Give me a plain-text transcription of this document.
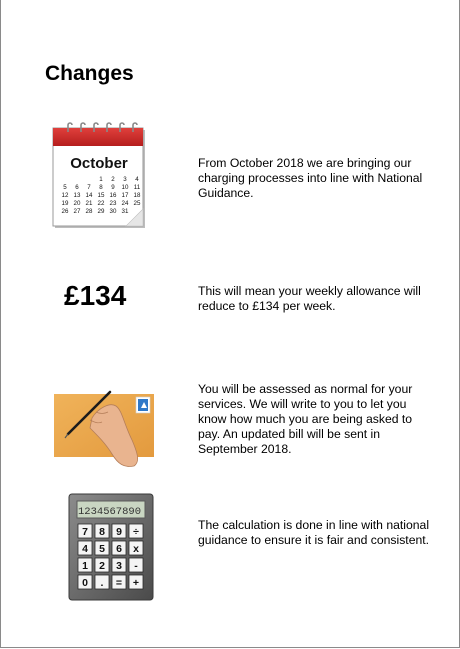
Changes
October
1 2 3 4
5 6 7 8 9 10 11
12 13 14 15 16 17 18
19 20 21 22 23 24 25
26 27 28 29 30 31
From October 2018 we are bringing our charging processes into line with National Guidance.
£134	This will mean your weekly allowance will reduce to £134 per week.
You will be assessed as normal for your services. We will write to you to let you know how much you are being asked to pay. An updated bill will be sent in September 2018.
1234567890
7 8 9 ÷
4 5 6 x
1 2 3 -
0 . = +
The calculation is done in line with national guidance to ensure it is fair and consistent.
